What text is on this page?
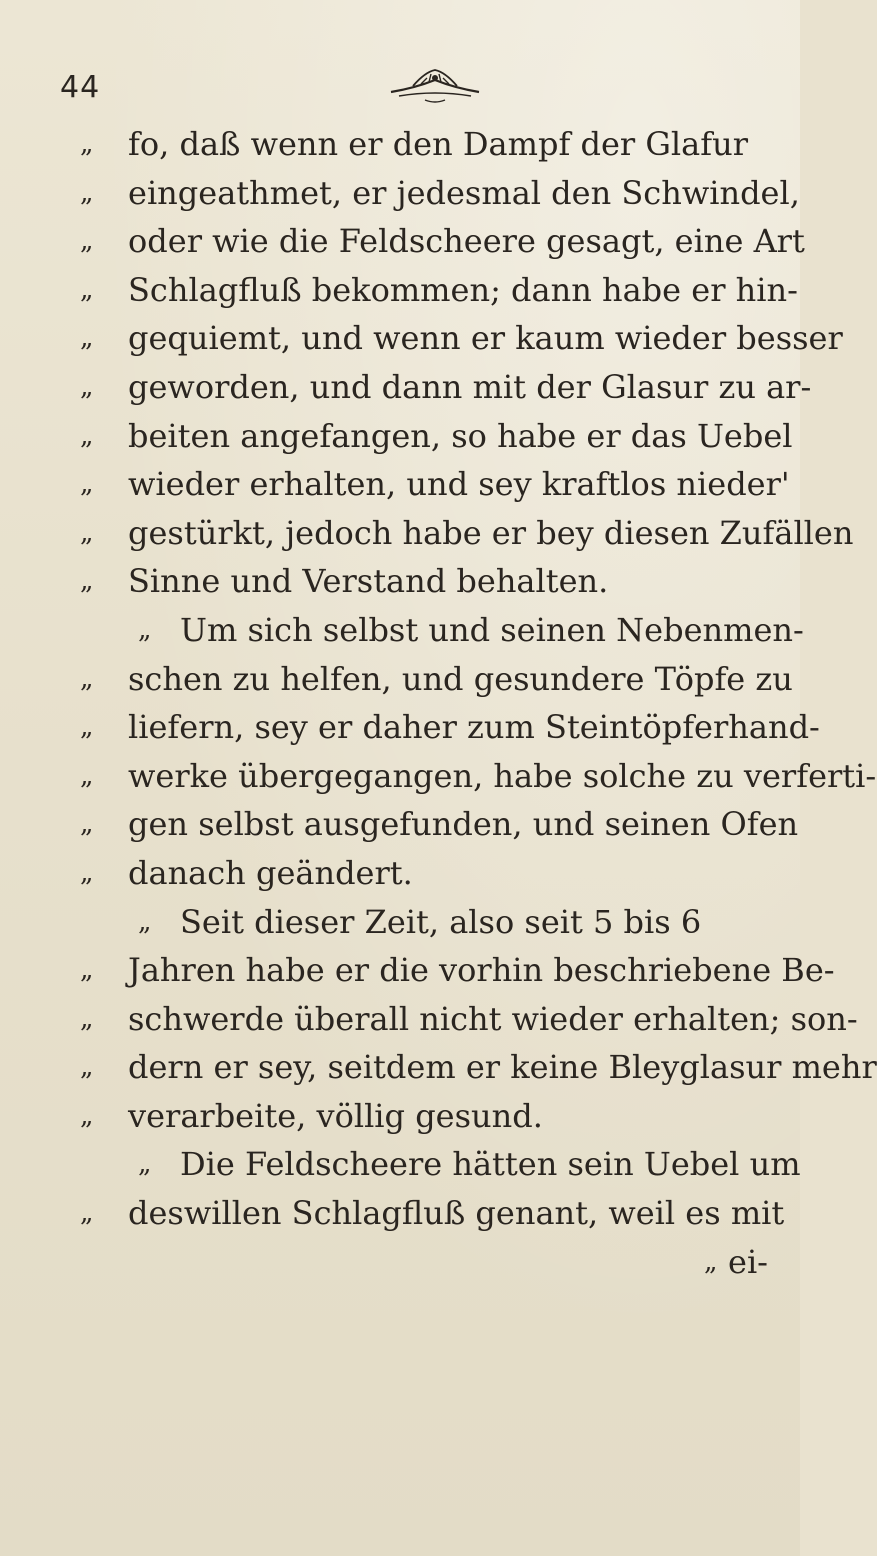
44
„ fo, daß wenn er den Dampf der Glafur
„ eingeathmet, er jedesmal den Schwindel,
„ oder wie die Feldscheere gesagt, eine Art
„ Schlagfluß bekommen; dann habe er hin-
„ gequiemt, und wenn er kaum wieder besser
„ geworden, und dann mit der Glasur zu ar-
„ beiten angefangen, so habe er das Uebel
„ wieder erhalten, und sey kraftlos nieder'
„ gestürkt, jedoch habe er bey diesen Zufällen
„ Sinne und Verstand behalten.
„ Um sich selbst und seinen Nebenmen-
„ schen zu helfen, und gesundere Töpfe zu
„ liefern, sey er daher zum Steintöpferhand-
„ werke übergegangen, habe solche zu verferti-
„ gen selbst ausgefunden, und seinen Ofen
„ danach geändert.
„ Seit dieser Zeit, also seit 5 bis 6
„ Jahren habe er die vorhin beschriebene Be-
„ schwerde überall nicht wieder erhalten; son-
„ dern er sey, seitdem er keine Bleyglasur mehr
„ verarbeite, völlig gesund.
„ Die Feldscheere hätten sein Uebel um
„ deswillen Schlagfluß genant, weil es mit
„ ei-
